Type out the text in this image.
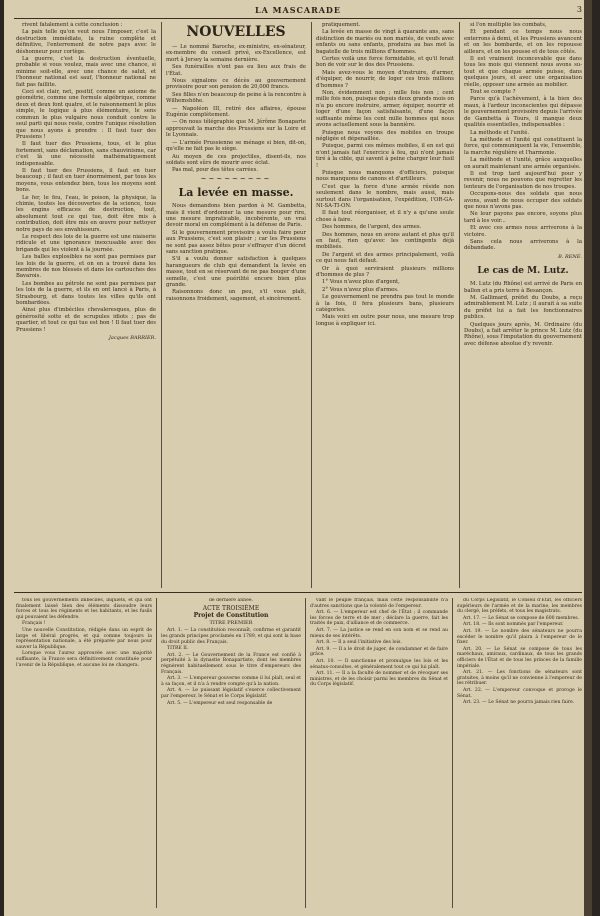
LA MASCARADE	3

rivent fatalement à cette conclusion :

La paix telle qu'on veut nous l'imposer, c'est la destruction immédiate, la ruine complète et définitive, l'enterrement de notre pays avec le déshonneur pour cortège.

La guerre, c'est la destruction éventuelle, probable si vous voulez, mais avec une chance, si minime soit-elle, avec une chance de salut, et l'honneur national est sauf, l'honneur national ne fait pas faillite.

Ceci est clair, net, positif, comme un axiome de géométrie, comme une formule algébrique, comme deux et deux font quatre, et le raisonnement le plus simple, le logique à plus élémentaire, le sens commun le plus vulgaire nous conduit contre le seul parti qui nous reste, contre l'unique résolution que nous ayons à prendre : Il faut tuer des Prussiens !

Il faut tuer des Prussiens, tous, et le plus fortement, sans déclamation, sans chauvinisme, car c'est là une nécessité mathématiquement indispensable.

Il faut tuer des Prussiens, il faut en tuer beaucoup ; il faut en tuer énormément, par tous les moyens, vous entendez bien, tous les moyens sont bons.

Le fer, le feu, l'eau, le poison, la physique, la chimie, toutes les découvertes de la science, tous les engins efficaces de destruction, tout, absolument tout ce qui tue, doit être mis à contribution, doit être mis en œuvre pour nettoyer notre pays de ses envahisseurs.

Le respect des lois de la guerre est une niaiserie ridicule et une ignorance inexcusable avec des brigands qui les violent à la journée.

Les balles explosibles ne sont pas permises par les lois de la guerre, et on en a trouvé dans les membres de nos blessés et dans les cartouches des Bavarois.

Les bombes au pétrole ne sont pas permises par les lois de la guerre, et ils en ont lancé à Paris, à Strasbourg, et dans toutes les villes qu'ils ont bombardées.

Ainsi plus d'imbéciles chevaleresques, plus de générosité sotte et de scrupules idiots ; pas de quartier, et tout ce qui tue est bon ! Il faut tuer des Prussiens !

Jacques BARRIER.
NOUVELLES

— Le nommé Baroche, ex-ministre, ex-sénateur, ex-membre du conseil privé, ex-Excellence, est mort à Jersey la semaine dernière.

Ses funérailles n'ont pas eu lieu aux frais de l'État.

Nous signalons ce décès au gouvernement provisoire pour son pension de 20,000 francs.

Ses filles n'en beaucoup de peine à la rencontre à Wilhemshöhe.

— Napoléon III, retiré des affaires, épouse Eugénie complètement.

— On nous télégraphie que M. Jérôme Bonaparte approuvait la marche des Prussiens sur la Loire et le Lyonnais.

— L'armée Prussienne se ménage si bien, dit-on, qu'elle ne fait pas le siège.

Au moyen de ces projectiles, disent-ils, nos soldats sont sûrs de mourir avec éclat.

Pas mal, pour des têtes carrées.

~~~~~~~~~
La levée en masse.

Nous demandons bien pardon à M. Gambetta, mais il vient d'ordonner la une mesure pour rire, une mesure impraticable, incohérente, un vrai devoir moral en complément à la défense de Paris.

Si le gouvernement provisoire a voulu faire peur aux Prussiens, c'est son plaisir ; car les Prussiens ne sont pas assez bêtes pour s'effrayer d'un décret sans sanction pratique.

S'il a voulu donner satisfaction à quelques harangueurs de club qui demandent la levée en masse, tout en se réservant de ne pas bouger d'une semelle, c'est une puérilité encore bien plus grande.

Raisonnons donc un peu, s'il vous plaît, raisonnons froidement, sagement, et sincèrement.

pratiquement.

La levée en masse de vingt à quarante ans, sans distinction de mariés ou non mariés, de veufs avec enfants ou sans enfants, produira au bas mot la bagatelle de trois millions d'hommes.

Certes voilà une force formidable, et qu'il ferait bon de voir sur le dos des Prussiens.

Mais avez-vous le moyen d'instruire, d'armer, d'équiper, de nourrir, de loger ces trois millions d'hommes ?

Non, évidemment non ; mille fois non ; cent mille fois non, puisque depuis deux grands mois on n'a pu encore instruire, armer, équiper, nourrir et loger d'une façon satisfaisante, d'une façon suffisante même les cent mille hommes qui nous avons actuellement sous la bannière.

Puisque nous voyons des mobiles en troupe négligée et dépenaillée.

Puisque, parmi ces mêmes mobiles, il en est qui n'ont jamais fait l'exercice à feu, qui n'ont jamais tiré à la cible, qui savent à peine charger leur fusil !

Puisque nous manquons d'officiers, puisque nous manquons de canons et d'artilleurs.

C'est que la force d'une armée réside non seulement dans le nombre, mais aussi, mais surtout dans l'organisation, l'expédition, l'OR-GA-NI-SA-TI-ON.

Il faut tout réorganiser, et il n'y a qu'une seule chose à faire.

Des hommes, de l'argent, des armes.

Des hommes, nous en avons autant et plus qu'il en faut, rien qu'avec les contingents déjà mobilisés.

De l'argent et des armes principalement, voilà ce qui nous fait défaut.

Or à quoi serviraient plusieurs millions d'hommes de plus ?

1° Vous n'avez plus d'argent,

2° Vous n'avez plus d'armes.

Le gouvernement ne prendra pas tout le monde à la fois, il fera plusieurs bans, plusieurs catégories.

Mais voici en outre pour nous, une mesure trop longue à expliquer ici.

si l'on multiplie les combats,

Et pendant ce temps nous nous enterrons à demi, et les Prussiens avancent et on les bombarde, et on les repousse ailleurs, et on les pousse et de tous côtés.

Il est vraiment inconcevable que dans tous les mois qui viennent nous avons su-tout et que chaque armée puisse, dans quelques jours, et avec une organisation réelle, opposer une armée au mobilier.

Tout se compte ?

Parce qu'à l'achèvement, à la bien des maux, à l'ardeur inconscientes qui dépasse le gouvernement provisoire depuis l'arrivée de Gambetta à Tours, il manque deux qualités essentielles, indispensables :

La méthode et l'unité.

La méthode et l'unité qui constituent la force, qui communiquent la vie, l'ensemble, la marche régulière et l'harmonie.

La méthode et l'unité, grâce auxquelles on aurait maintenant une armée organisée.

Il est trop tard aujourd'hui pour y revenir, nous ne pouvons que regretter les lenteurs de l'organisation de nos troupes.

Occupons-nous des soldats que nous avons, avant de nous occuper des soldats que nous n'avons pas.

Ne leur payons pas encore, soyons plus tard à les voir...

Et avec ces armes nous arriverons à la victoire.

Sans cela nous arriverons à la débandade.

B. RENÉ.
Le cas de M. Lutz.

M. Lutz (du Rhône) est arrivé de Paris en ballon et a pris terre à Besançon.

M. Gallimard, préfet du Doubs, a reçu admirablement M. Lutz ; il aurait à sa suite du préfet lui a fait les fonctionnaires publics.

Quelques jours après, M. Ordinaire (du Doubs), a fait arrêter le prince M. Lutz (du Rhône), sous l'imputation du gouvernement avec défense absolue d'y revenir.

tous les gouvernements imbéciles, inquiets, et qui ont finalement laissé bien des éléments dissoudre leurs forces et tous les régiments et les habitants, et les fusils qui pouvaient les défendre.

Français !

Une nouvelle Constitution, rédigée dans un esprit de large et libéral progrès, et qui comme toujours la représentation nationale, a été préparée par nous pour sauver la République.

Lorsque vous l'aurez approuvée avec une majorité suffisante, la France sera définitivement constituée pour l'avenir de la République, et aucune loi ne changera.

de dernière année.

ACTE TROISIÈME
Projet de Constitution
TITRE PREMIER

Art. 1. — La constitution reconnaît, confirme et garantit les grands principes proclamés en 1789, et qui sont la base du droit public des Français.

TITRE II.

Art. 2. — Le Gouvernement de la France est confié à perpétuité à la dynastie Bonapartiste, dont les membres régnèrent habituellement sous le titre d'empereurs des Français.

Art. 3. — L'empereur gouverne comme il lui plaît, seul et à sa façon, et il n'a à rendre compte qu'à la nation.

Art. 4. — Le puissant législatif s'exerce collectivement par l'empereur, le Sénat et le Corps législatif.

Art. 5. — L'empereur est seul responsable de

vant le peuple français, mais cette responsabilité n'a d'autres sanctions que la volonté de l'empereur.

Art. 6. — L'empereur est chef de l'État ; il commande les forces de terre et de mer ; déclare la guerre, fait les traités de paix, d'alliance et de commerce.

Art. 7. — La justice se rend en son nom et se rend au mieux de ses intérêts.

Art. 8. — Il a seul l'initiative des lois.

Art. 9. — Il a le droit de juger, de condamner et de faire grâce.

Art. 10. — Il sanctionne et promulgue les lois et les sénatus-consultes, et généralement tout ce qui lui plaît.

Art. 11. — Il a la faculté de nommer et de révoquer ses ministres, et de les choisir parmi les membres du Sénat et du Corps législatif.

du Corps Législatif, le Conseil d'État, les officiers supérieurs de l'armée et de la marine, les membres du clergé, les préfets, et tous les magistrats.

Art. 17. — Le Sénat se compose de 600 membres.

Art. 18. — Ils sont nommés par l'empereur.

Art. 19. — Le nombre des sénateurs ne pourra excéder le nombre qu'il plaira à l'empereur de le fixer.

Art. 20. — Le Sénat se compose de tous les maréchaux, amiraux, cardinaux, de tous les grands officiers de l'État et de tous les princes de la famille impériale.

Art. 21. — Les fonctions de sénateurs sont gratuites, à moins qu'il ne convienne à l'empereur de les rétribuer.

Art. 22. — L'empereur convoque et proroge le Sénat.

Art. 23. — Le Sénat ne pourra jamais rien faire.
